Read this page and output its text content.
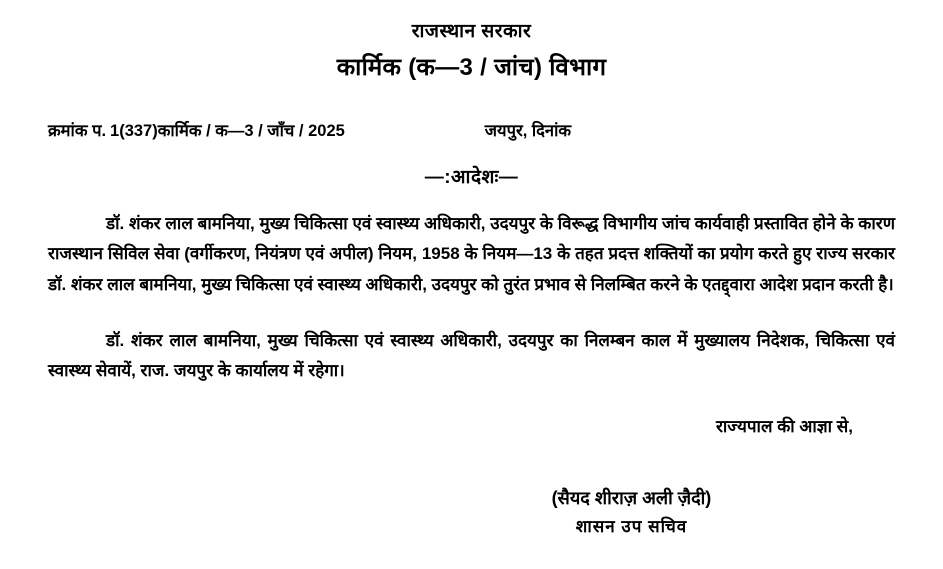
राजस्थान सरकार
कार्मिक (क—3 / जांच) विभाग
क्रमांक प. 1(337)कार्मिक / क—3 / जाँच / 2025	जयपुर, दिनांक
—:आदेशः—
डॉ. शंकर लाल बामनिया, मुख्य चिकित्सा एवं स्वास्थ्य अधिकारी, उदयपुर के विरूद्ध विभागीय जांच कार्यवाही प्रस्तावित होने के कारण राजस्थान सिविल सेवा (वर्गीकरण, नियंत्रण एवं अपील) नियम, 1958 के नियम—13 के तहत प्रदत्त शक्तियों का प्रयोग करते हुए राज्य सरकार डॉ. शंकर लाल बामनिया, मुख्य चिकित्सा एवं स्वास्थ्य अधिकारी, उदयपुर को तुरंत प्रभाव से निलम्बित करने के एतद्द्वारा आदेश प्रदान करती है।
डॉ. शंकर लाल बामनिया, मुख्य चिकित्सा एवं स्वास्थ्य अधिकारी, उदयपुर का निलम्बन काल में मुख्यालय निदेशक, चिकित्सा एवं स्वास्थ्य सेवायें, राज. जयपुर के कार्यालय में रहेगा।
राज्यपाल की आज्ञा से,
(सैयद शीराज़ अली ज़ैदी)
शासन उप सचिव
